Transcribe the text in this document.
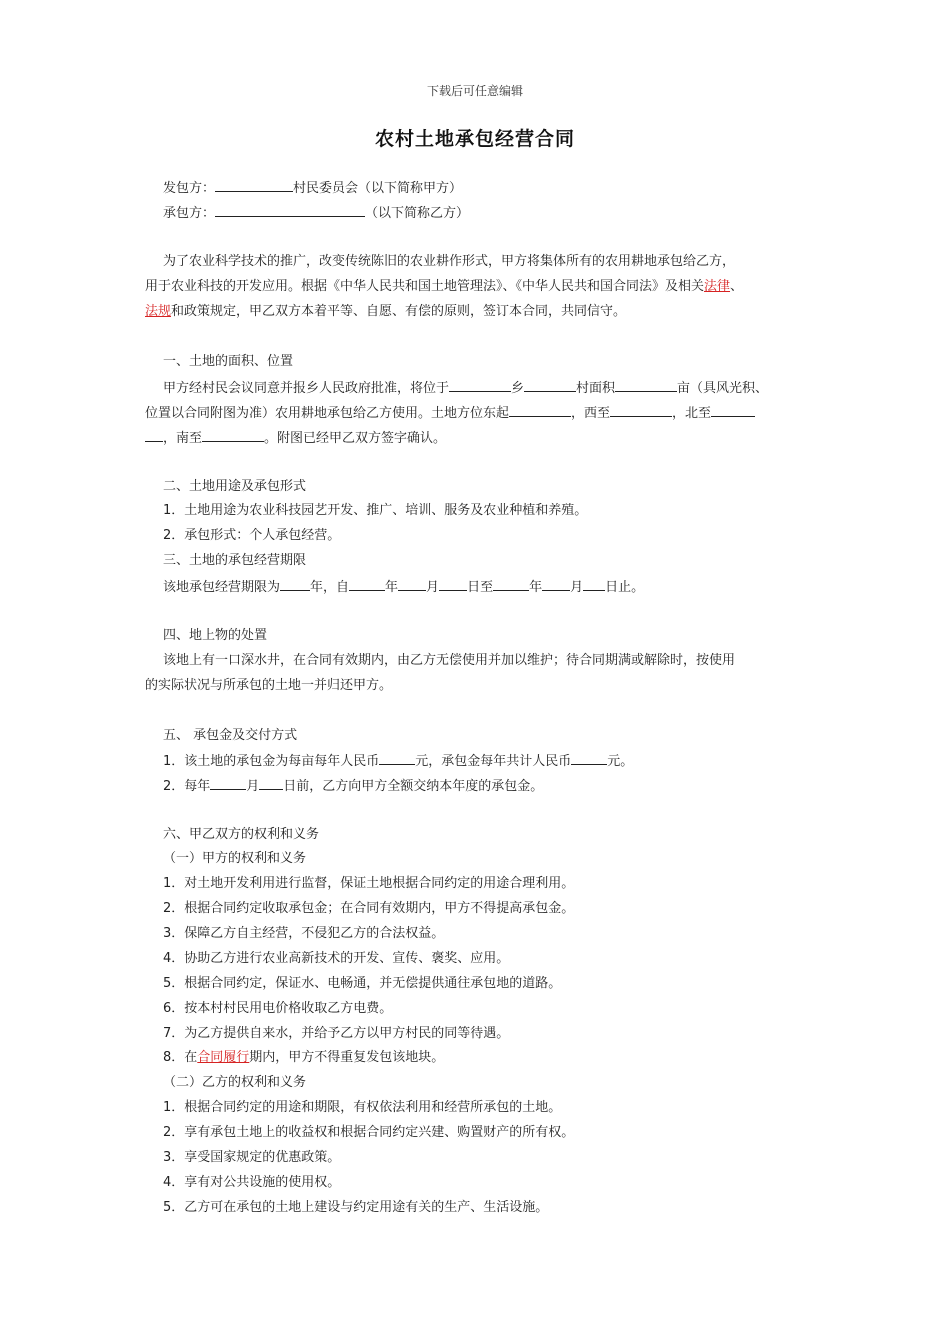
下载后可任意编辑
农村土地承包经营合同
发包方：	村民委员会（以下简称甲方）
承包方：	（以下简称乙方）
为了农业科学技术的推广，改变传统陈旧的农业耕作形式，甲方将集体所有的农用耕地承包给乙方，
用于农业科技的开发应用。根据《中华人民共和国土地管理法》、《中华人民共和国合同法》及相关法律、
法规和政策规定，甲乙双方本着平等、自愿、有偿的原则，签订本合同，共同信守。
一、土地的面积、位置
甲方经村民会议同意并报乡人民政府批准，将位于	乡	村面积	亩（具风光积、
位置以合同附图为准）农用耕地承包给乙方使用。土地方位东起	，西至	，北至
，南至	。附图已经甲乙双方签字确认。
二、土地用途及承包形式
1．土地用途为农业科技园艺开发、推广、培训、服务及农业种植和养殖。
2．承包形式：个人承包经营。
三、土地的承包经营期限
该地承包经营期限为 年，自	年 月 日至	年 月 日止。
四、地上物的处置
该地上有一口深水井，在合同有效期内，由乙方无偿使用并加以维护；待合同期满或解除时，按使用
的实际状况与所承包的土地一并归还甲方。
五、 承包金及交付方式
1．该土地的承包金为每亩每年人民币	元，承包金每年共计人民币	元。
2．每年	月 日前，乙方向甲方全额交纳本年度的承包金。
六、甲乙双方的权利和义务
（一）甲方的权利和义务
1．对土地开发利用进行监督，保证土地根据合同约定的用途合理利用。
2．根据合同约定收取承包金；在合同有效期内，甲方不得提高承包金。
3．保障乙方自主经营，不侵犯乙方的合法权益。
4．协助乙方进行农业高新技术的开发、宣传、褒奖、应用。
5．根据合同约定，保证水、电畅通，并无偿提供通往承包地的道路。
6．按本村村民用电价格收取乙方电费。
7．为乙方提供自来水，并给予乙方以甲方村民的同等待遇。
8．在合同履行期内，甲方不得重复发包该地块。
（二）乙方的权利和义务
1．根据合同约定的用途和期限，有权依法利用和经营所承包的土地。
2．享有承包土地上的收益权和根据合同约定兴建、购置财产的所有权。
3．享受国家规定的优惠政策。
4．享有对公共设施的使用权。
5．乙方可在承包的土地上建设与约定用途有关的生产、生活设施。
